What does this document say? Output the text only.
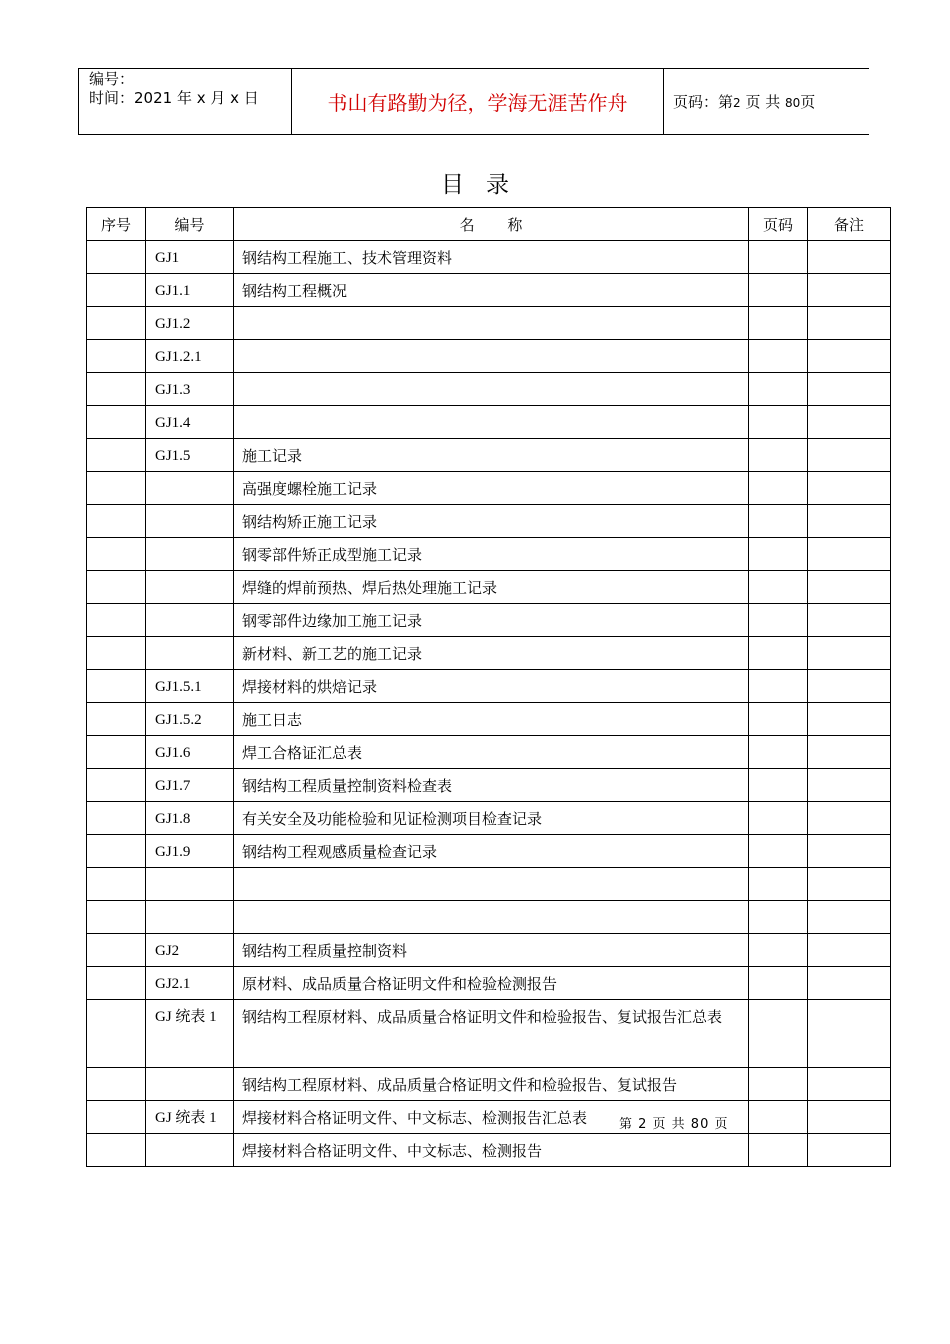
编号：
时间：2021 年 x 月 x 日	书山有路勤为径，学海无涯苦作舟	页码：第2 页 共 80页
目录
序号	编号	名 称	页码	备注
	GJ1	钢结构工程施工、技术管理资料		
	GJ1.1	钢结构工程概况		
	GJ1.2			
	GJ1.2.1			
	GJ1.3			
	GJ1.4			
	GJ1.5	施工记录		
		高强度螺栓施工记录		
		钢结构矫正施工记录		
		钢零部件矫正成型施工记录		
		焊缝的焊前预热、焊后热处理施工记录		
		钢零部件边缘加工施工记录		
		新材料、新工艺的施工记录		
	GJ1.5.1	焊接材料的烘焙记录		
	GJ1.5.2	施工日志		
	GJ1.6	焊工合格证汇总表		
	GJ1.7	钢结构工程质量控制资料检查表		
	GJ1.8	有关安全及功能检验和见证检测项目检查记录		
	GJ1.9	钢结构工程观感质量检查记录		

	GJ2	钢结构工程质量控制资料		
	GJ2.1	原材料、成品质量合格证明文件和检验检测报告		
	GJ 统表 1	钢结构工程原材料、成品质量合格证明文件和检验报告、复试报告汇总表		
		钢结构工程原材料、成品质量合格证明文件和检验报告、复试报告		
	GJ 统表 1	焊接材料合格证明文件、中文标志、检测报告汇总表		
		焊接材料合格证明文件、中文标志、检测报告		
第 2 页 共 80 页
